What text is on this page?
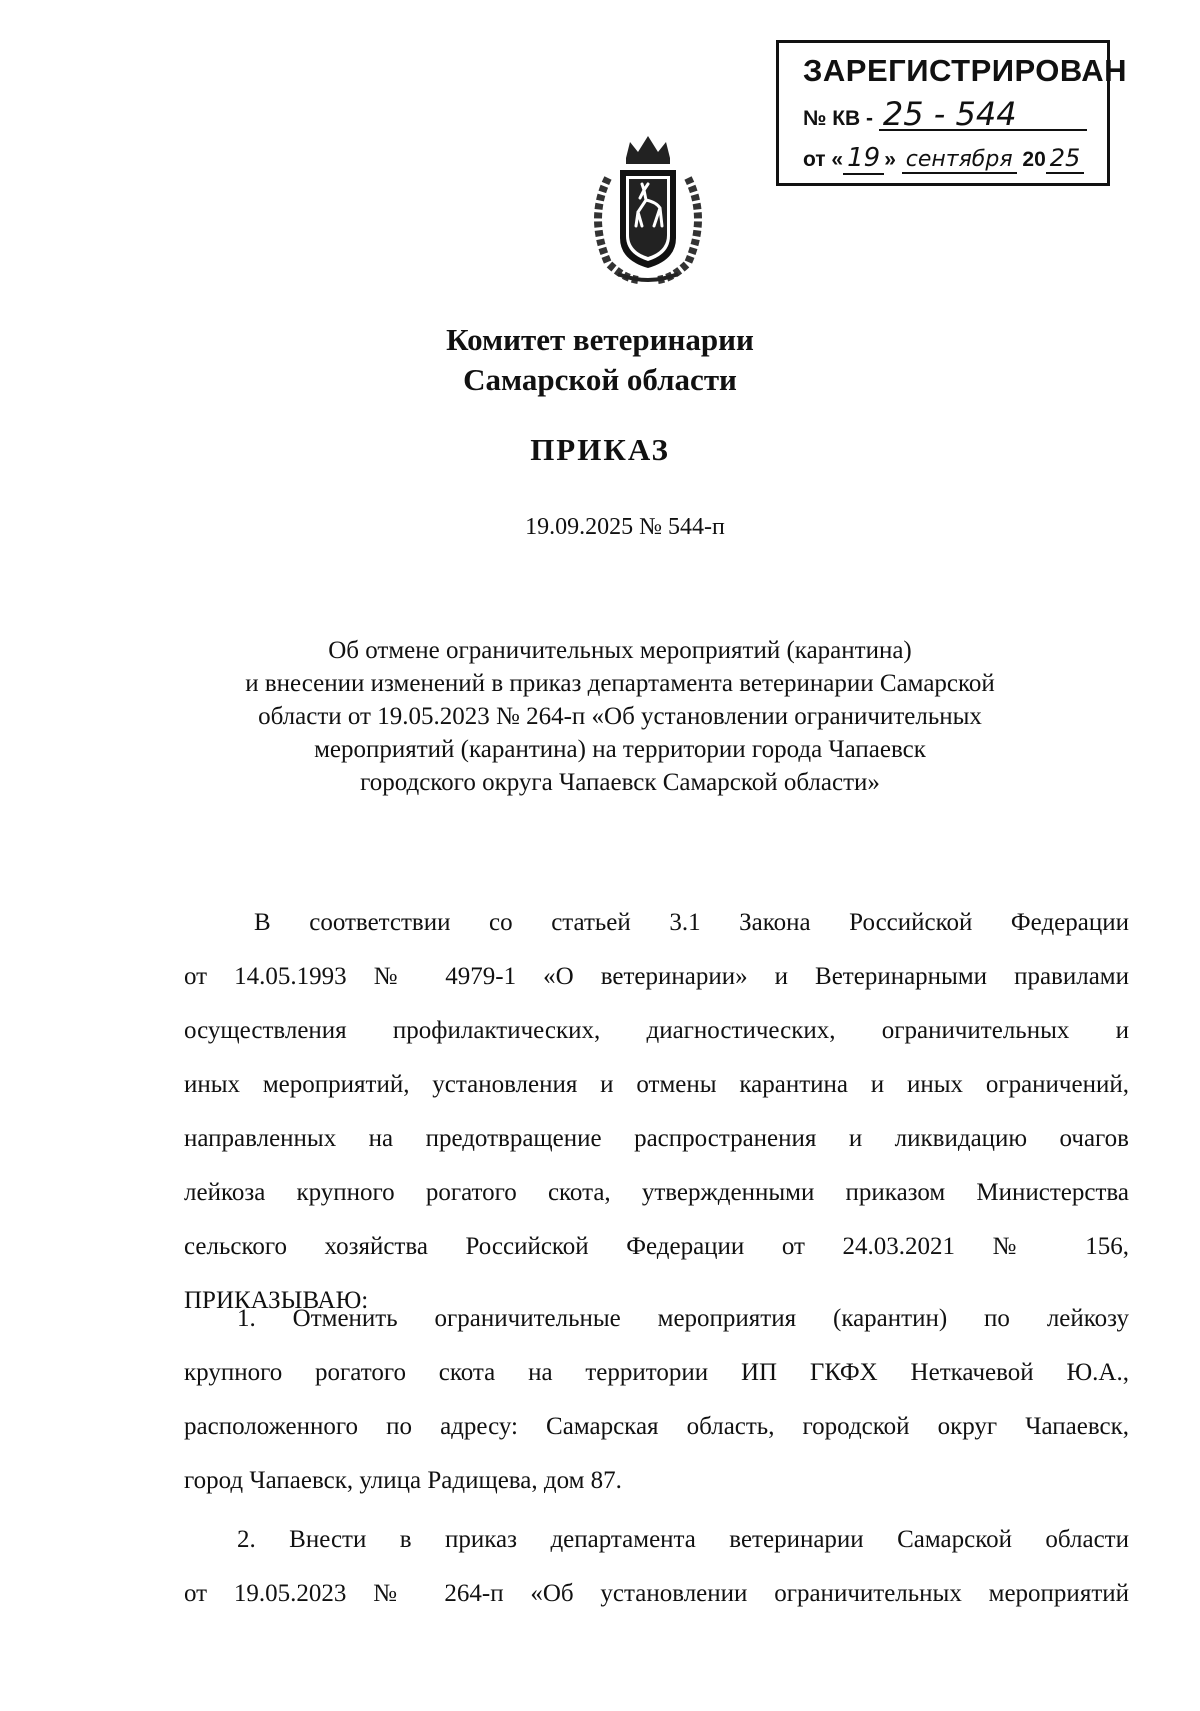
ЗАРЕГИСТРИРОВАН
№ КВ - 25 - 544
от « 19 » сентября 20 25
Комитет ветеринарии
Самарской области
ПРИКАЗ
19.09.2025 № 544-п
Об отмене ограничительных мероприятий (карантина)
и внесении изменений в приказ департамента ветеринарии Самарской
области от 19.05.2023 № 264-п «Об установлении ограничительных
мероприятий (карантина) на территории города Чапаевск
городского округа Чапаевск Самарской области»
В соответствии со статьей 3.1 Закона Российской Федерации
от 14.05.1993 № 4979-1 «О ветеринарии» и Ветеринарными правилами
осуществления профилактических, диагностических, ограничительных и
иных мероприятий, установления и отмены карантина и иных ограничений,
направленных на предотвращение распространения и ликвидацию очагов
лейкоза крупного рогатого скота, утвержденными приказом Министерства
сельского хозяйства Российской Федерации от 24.03.2021 № 156,
ПРИКАЗЫВАЮ:
1. Отменить ограничительные мероприятия (карантин) по лейкозу
крупного рогатого скота на территории ИП ГКФХ Неткачевой Ю.А.,
расположенного по адресу: Самарская область, городской округ Чапаевск,
город Чапаевск, улица Радищева, дом 87.
2. Внести в приказ департамента ветеринарии Самарской области
от 19.05.2023 № 264-п «Об установлении ограничительных мероприятий
